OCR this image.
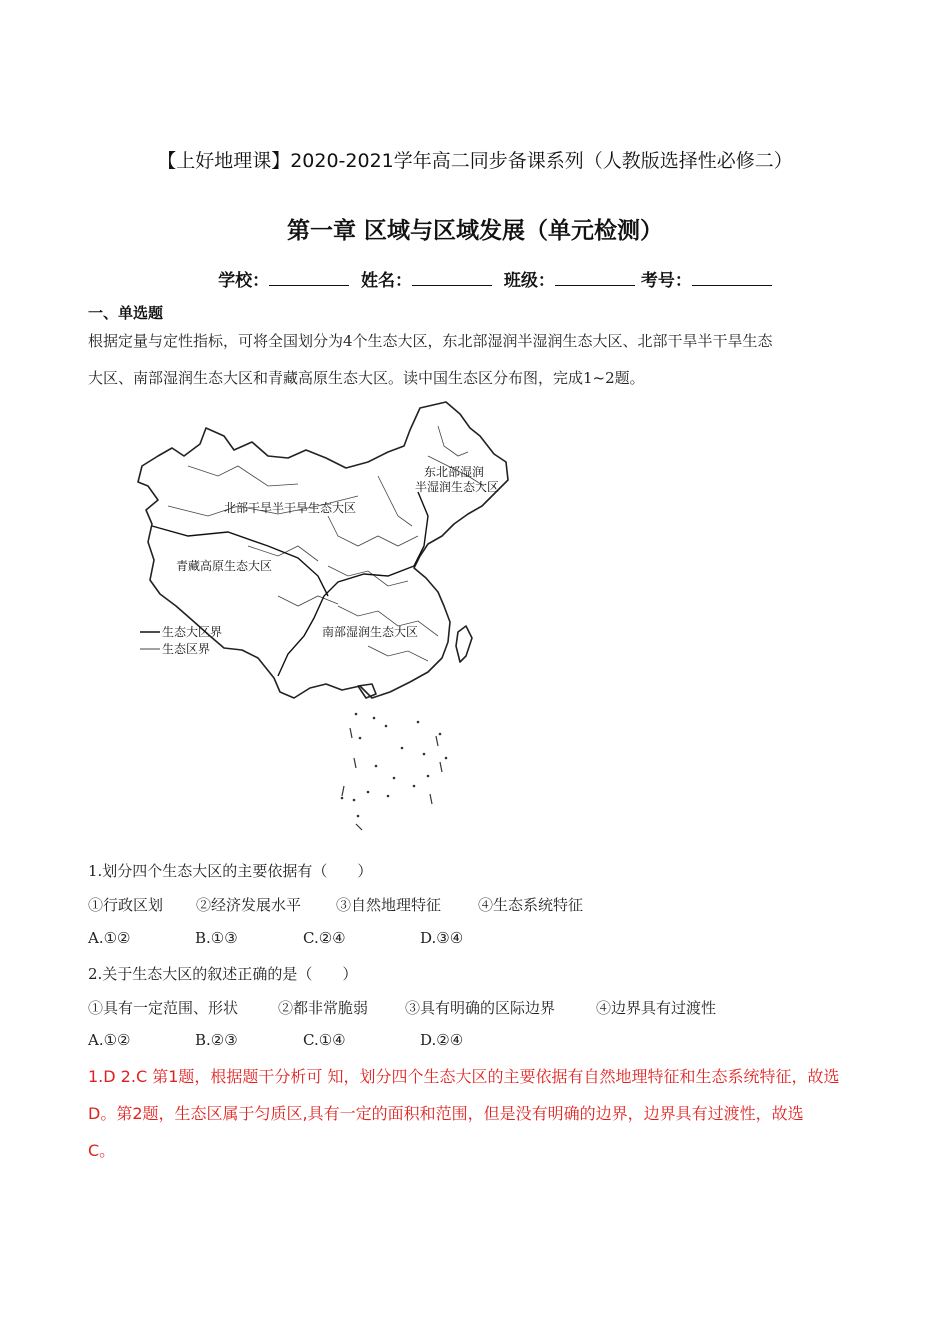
【上好地理课】2020-2021学年高二同步备课系列（人教版选择性必修二）
第一章 区域与区域发展（单元检测）
学校：	姓名：	班级：	考号：
一、单选题
根据定量与定性指标，可将全国划分为4个生态大区，东北部湿润半湿润生态大区、北部干旱半干旱生态
大区、南部湿润生态大区和青藏高原生态大区。读中国生态区分布图，完成1~2题。
东北部湿润
半湿润生态大区
北部干旱半干旱生态大区
青藏高原生态大区
南部湿润生态大区
生态大区界
生态区界
1.划分四个生态大区的主要依据有（　　）
①行政区划 ②经济发展水平 ③自然地理特征 ④生态系统特征
A.①②	B.①③	C.②④	D.③④
2.关于生态大区的叙述正确的是（　　）
①具有一定范围、形状	②都非常脆弱 ③具有明确的区际边界	④边界具有过渡性
A.①②	B.②③	C.①④	D.②④
1.D 2.C 第1题，根据题干分析可 知，划分四个生态大区的主要依据有自然地理特征和生态系统特征，故选
D。第2题，生态区属于匀质区,具有一定的面积和范围，但是没有明确的边界，边界具有过渡性，故选
C。
